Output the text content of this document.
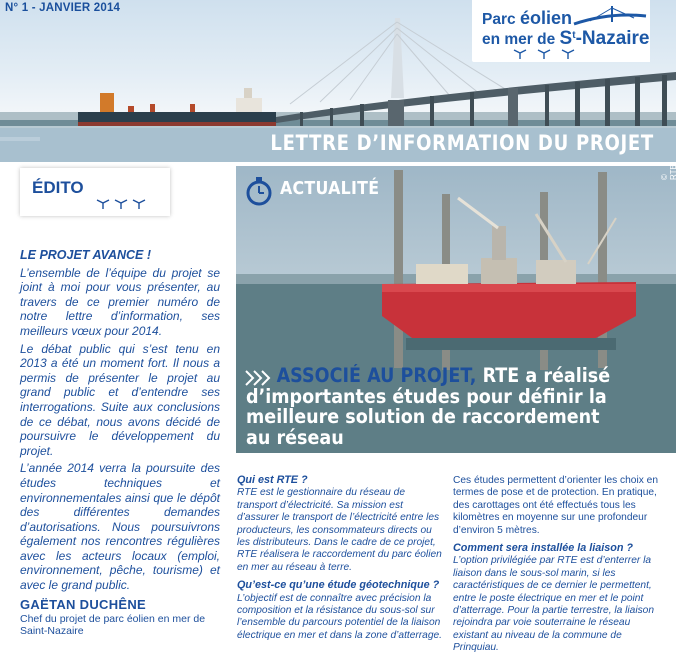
N° 1 - JANVIER 2014
Parc éolien
en mer de $S^t$-Nazaire
LETTRE D’INFORMATION DU PROJET
ÉDITO
LE PROJET AVANCE !

L’ensemble de l’équipe du projet se joint à moi pour vous présenter, au travers de ce premier numéro de notre lettre d’information, ses meilleurs vœux pour 2014.

Le débat public qui s’est tenu en 2013 a été un moment fort. Il nous a permis de présenter le projet au grand public et d’entendre ses interrogations. Suite aux conclusions de ce débat, nous avons décidé de poursuivre le développement du projet.

L’année 2014 verra la poursuite des études techniques et environnementales ainsi que le dépôt des différentes demandes d’autorisations. Nous poursuivrons également nos rencontres régulières avec les acteurs locaux (emploi, environnement, pêche, tourisme) et avec le grand public.

GAËTAN DUCHÊNE
Chef du projet de parc éolien en mer de Saint-Nazaire
ACTUALITÉ
© RTE
ASSOCIÉ AU PROJET, RTE a réalisé d’importantes études pour définir la meilleure solution de raccordement au réseau
Qui est RTE ?
RTE est le gestionnaire du réseau de transport d’électricité. Sa mission est d’assurer le transport de l’électricité entre les producteurs, les consommateurs directs ou les distributeurs. Dans le cadre de ce projet, RTE réalisera le raccordement du parc éolien en mer au réseau à terre.
Qu’est-ce qu’une étude géotechnique ?
L’objectif est de connaître avec précision la composition et la résistance du sous-sol sur l’ensemble du parcours potentiel de la liaison électrique en mer et dans la zone d’atterrage.
Ces études permettent d’orienter les choix en termes de pose et de protection. En pratique, des carottages ont été effectués tous les kilomètres en moyenne sur une profondeur d’environ 5 mètres.
Comment sera installée la liaison ?
L’option privilégiée par RTE est d’enterrer la liaison dans le sous-sol marin, si les caractéristiques de ce dernier le permettent, entre le poste électrique en mer et le point d’atterrage. Pour la partie terrestre, la liaison rejoindra par voie souterraine le réseau existant au niveau de la commune de Prinquiau.
